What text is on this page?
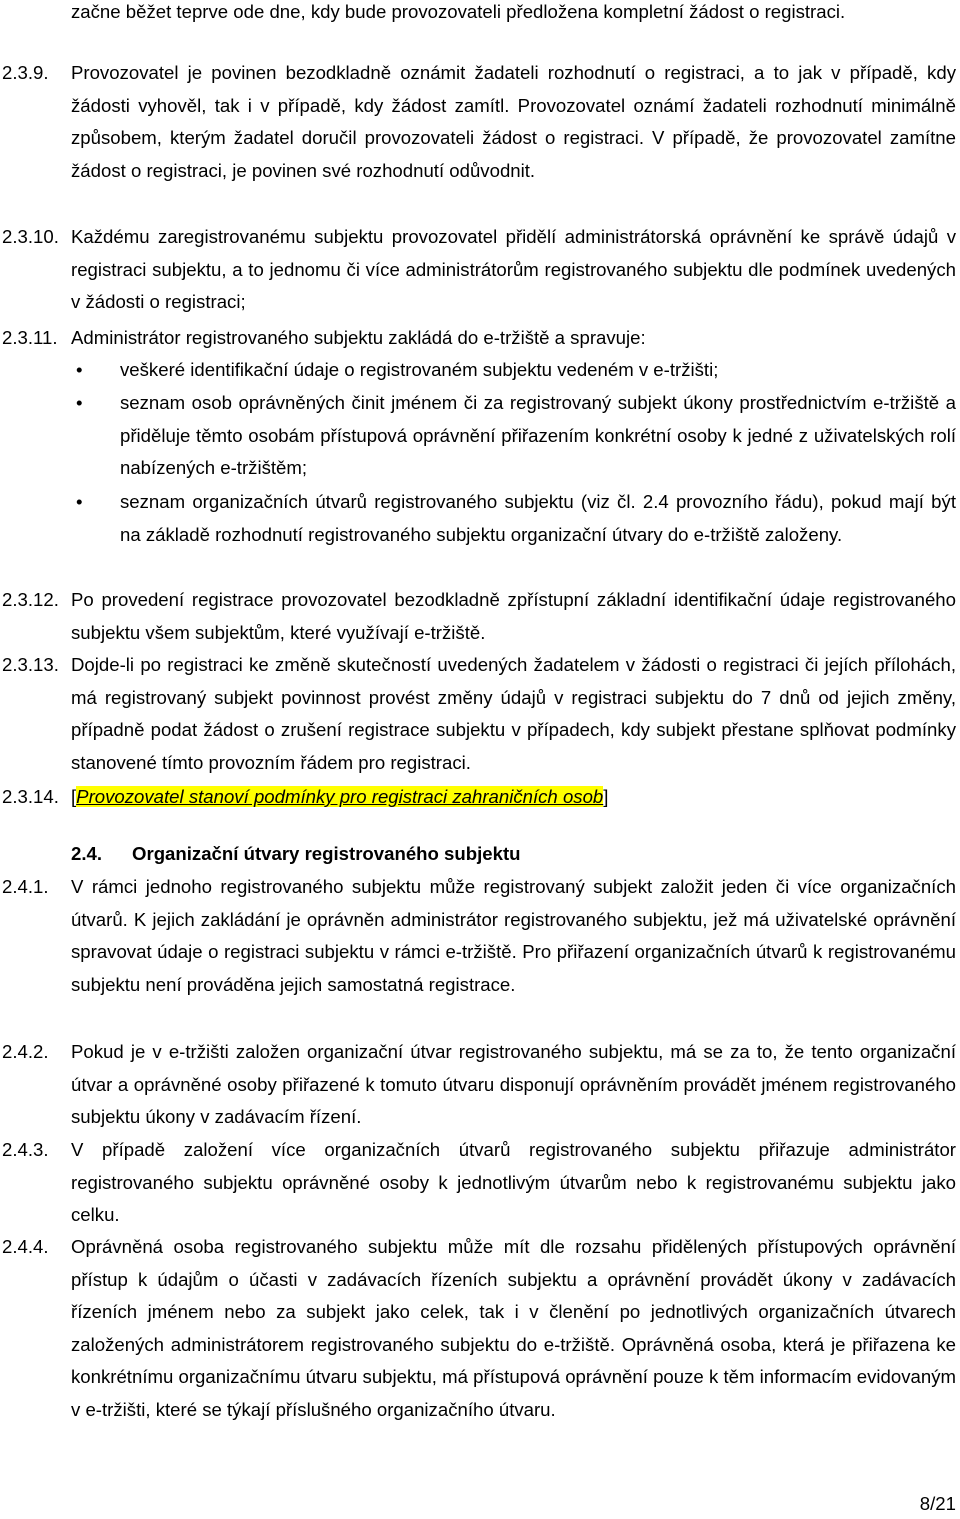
začne běžet teprve ode dne, kdy bude provozovateli předložena kompletní žádost o registraci.
2.3.9. Provozovatel je povinen bezodkladně oznámit žadateli rozhodnutí o registraci, a to jak v případě, kdy žádosti vyhověl, tak i v případě, kdy žádost zamítl. Provozovatel oznámí žadateli rozhodnutí minimálně způsobem, kterým žadatel doručil provozovateli žádost o registraci. V případě, že provozovatel zamítne žádost o registraci, je povinen své rozhodnutí odůvodnit.
2.3.10. Každému zaregistrovanému subjektu provozovatel přidělí administrátorská oprávnění ke správě údajů v registraci subjektu, a to jednomu či více administrátorům registrovaného subjektu dle podmínek uvedených v žádosti o registraci;
2.3.11. Administrátor registrovaného subjektu zakládá do e-tržiště a spravuje:
• veškeré identifikační údaje o registrovaném subjektu vedeném v e-tržišti;
• seznam osob oprávněných činit jménem či za registrovaný subjekt úkony prostřednictvím e-tržiště a přiděluje těmto osobám přístupová oprávnění přiřazením konkrétní osoby k jedné z uživatelských rolí nabízených e-tržištěm;
• seznam organizačních útvarů registrovaného subjektu (viz čl. 2.4 provozního řádu), pokud mají být na základě rozhodnutí registrovaného subjektu organizační útvary do e-tržiště založeny.
2.3.12. Po provedení registrace provozovatel bezodkladně zpřístupní základní identifikační údaje registrovaného subjektu všem subjektům, které využívají e-tržiště.
2.3.13. Dojde-li po registraci ke změně skutečností uvedených žadatelem v žádosti o registraci či jejích přílohách, má registrovaný subjekt povinnost provést změny údajů v registraci subjektu do 7 dnů od jejich změny, případně podat žádost o zrušení registrace subjektu v případech, kdy subjekt přestane splňovat podmínky stanovené tímto provozním řádem pro registraci.
2.3.14. [Provozovatel stanoví podmínky pro registraci zahraničních osob]
2.4. Organizační útvary registrovaného subjektu
2.4.1. V rámci jednoho registrovaného subjektu může registrovaný subjekt založit jeden či více organizačních útvarů. K jejich zakládání je oprávněn administrátor registrovaného subjektu, jež má uživatelské oprávnění spravovat údaje o registraci subjektu v rámci e-tržiště. Pro přiřazení organizačních útvarů k registrovanému subjektu není prováděna jejich samostatná registrace.
2.4.2. Pokud je v e-tržišti založen organizační útvar registrovaného subjektu, má se za to, že tento organizační útvar a oprávněné osoby přiřazené k tomuto útvaru disponují oprávněním provádět jménem registrovaného subjektu úkony v zadávacím řízení.
2.4.3. V případě založení více organizačních útvarů registrovaného subjektu přiřazuje administrátor registrovaného subjektu oprávněné osoby k jednotlivým útvarům nebo k registrovanému subjektu jako celku.
2.4.4. Oprávněná osoba registrovaného subjektu může mít dle rozsahu přidělených přístupových oprávnění přístup k údajům o účasti v zadávacích řízeních subjektu a oprávnění provádět úkony v zadávacích řízeních jménem nebo za subjekt jako celek, tak i v členění po jednotlivých organizačních útvarech založených administrátorem registrovaného subjektu do e-tržiště. Oprávněná osoba, která je přiřazena ke konkrétnímu organizačnímu útvaru subjektu, má přístupová oprávnění pouze k těm informacím evidovaným v e-tržišti, které se týkají příslušného organizačního útvaru.
8/21
